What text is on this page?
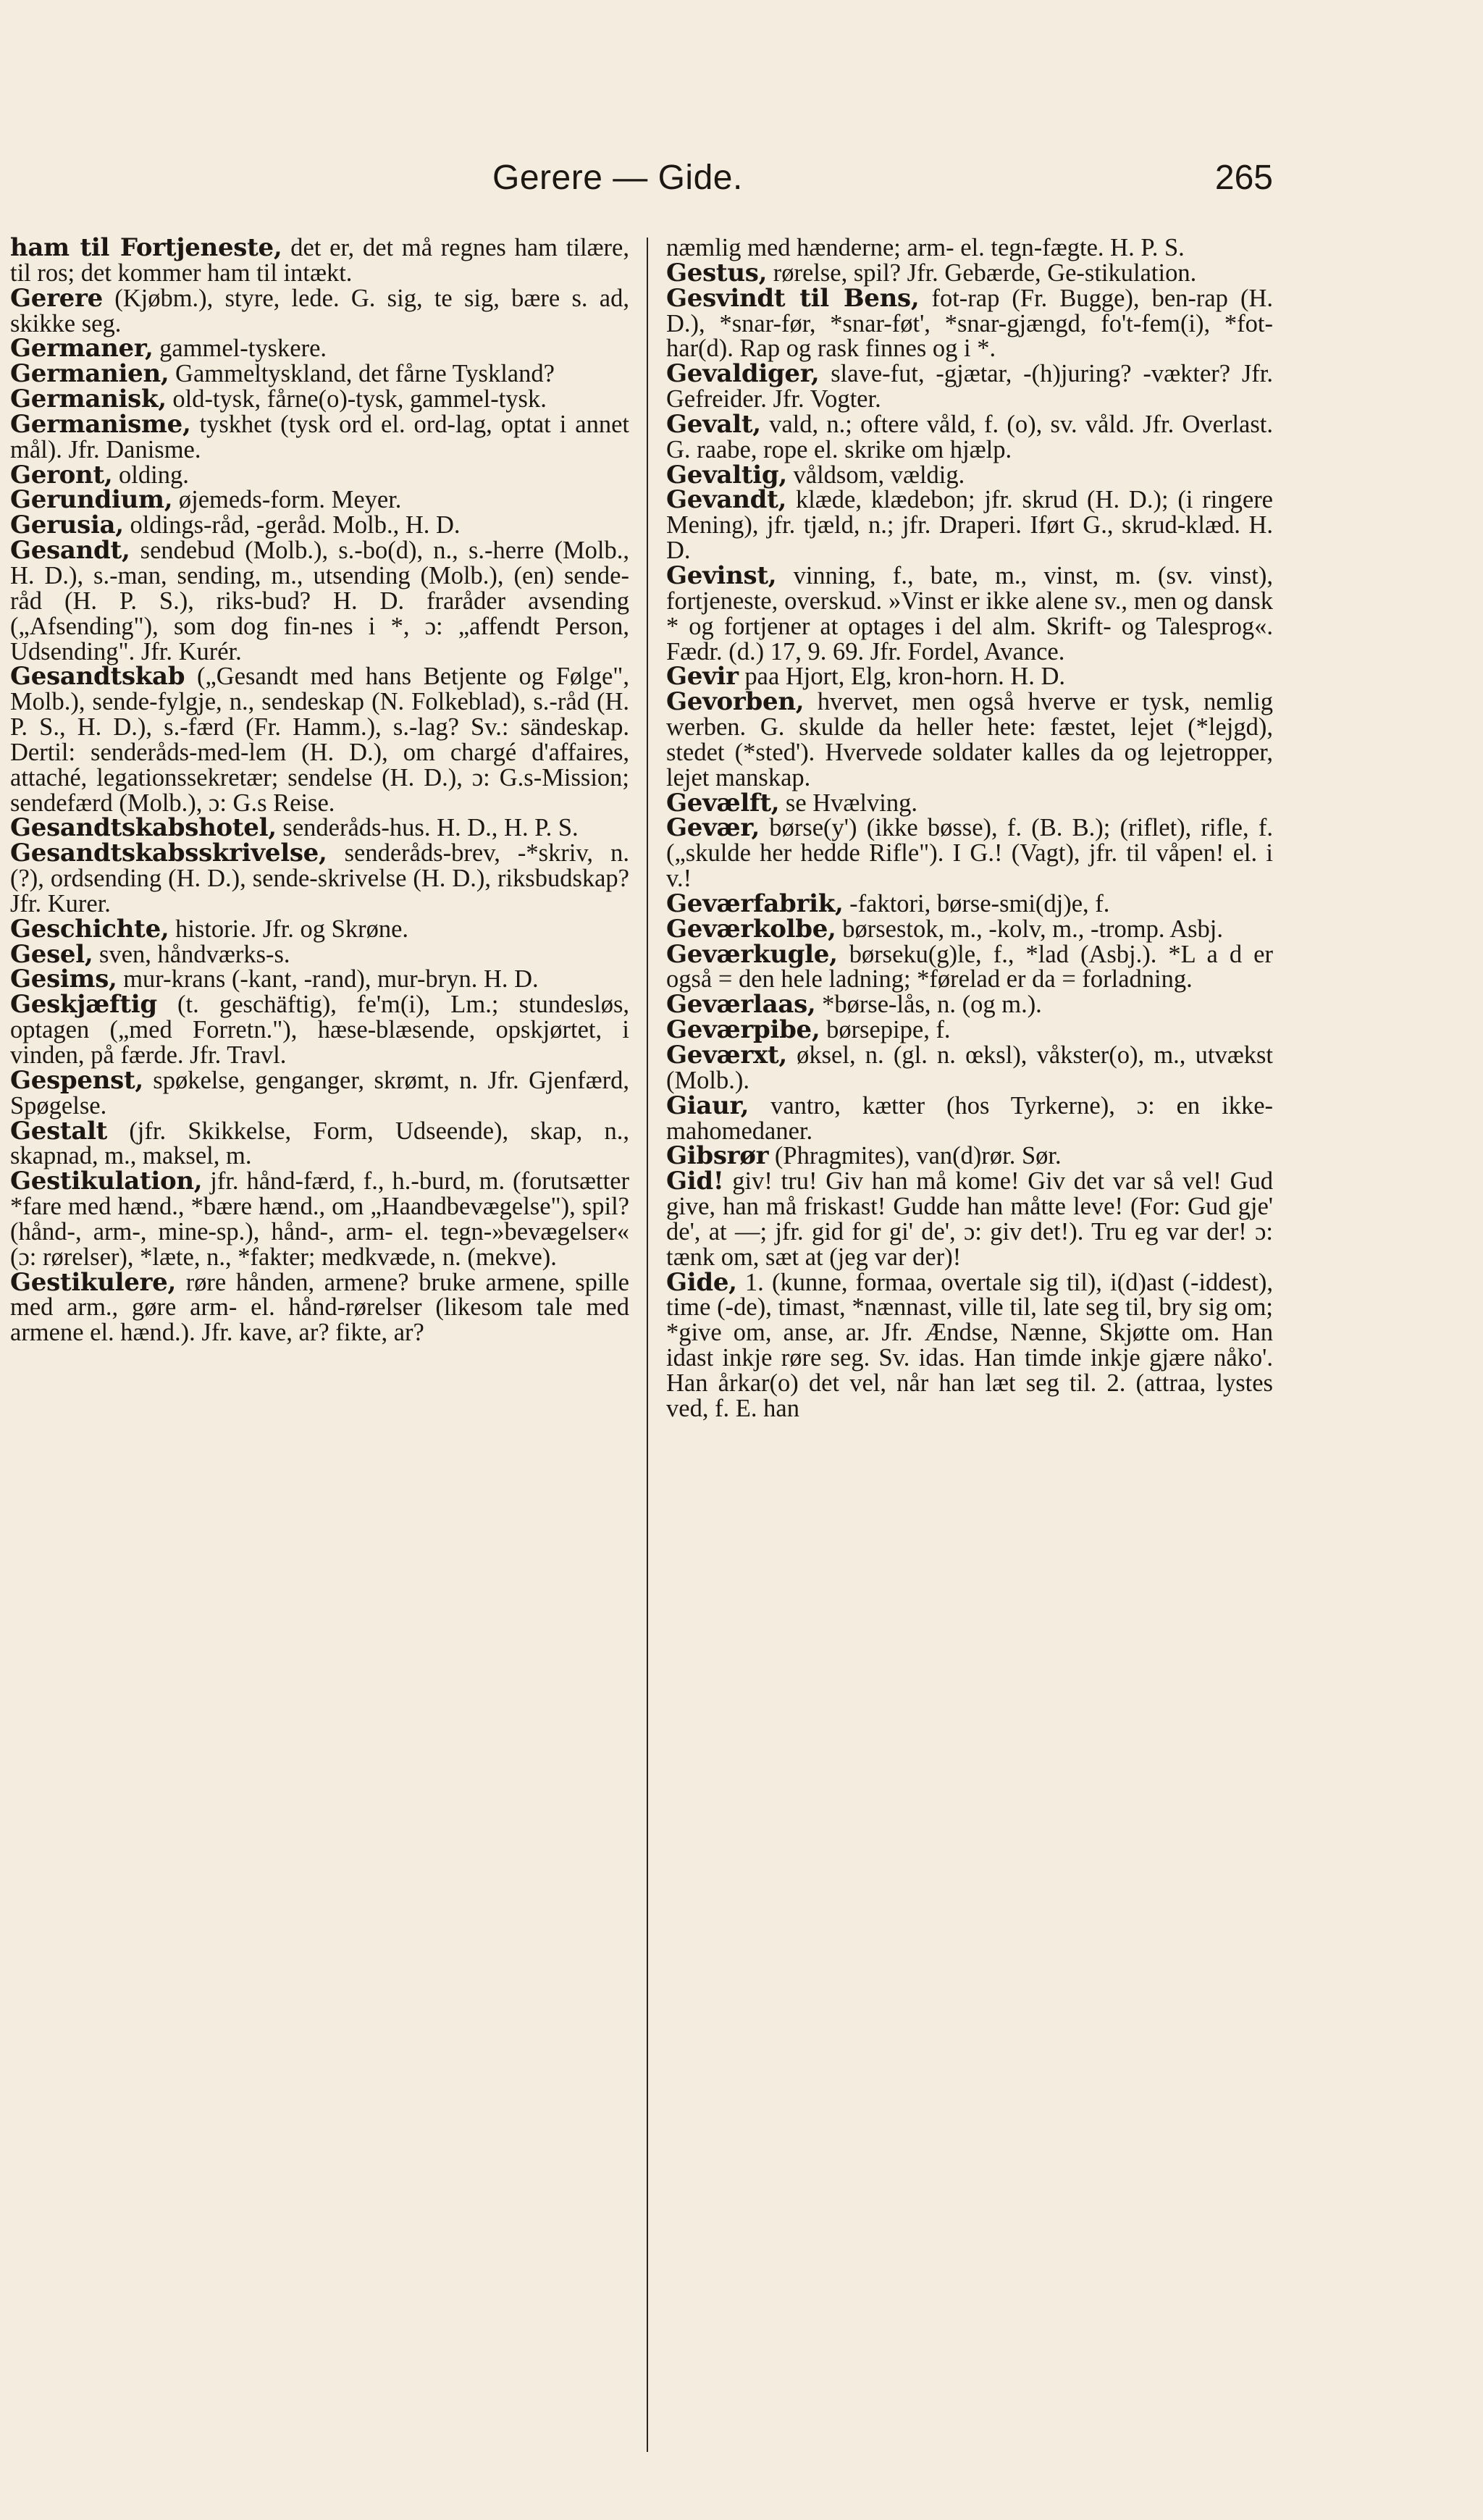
Gerere — Gide.	265

ham til Fortjeneste, det er, det må regnes ham tilære, til ros; det kommer ham til intækt.

Gerere (Kjøbm.), styre, lede. G. sig, te sig, bære s. ad, skikke seg.

Germaner, gammel-tyskere.

Germanien, Gammeltyskland, det fårne Tyskland?

Germanisk, old-tysk, fårne(o)-tysk, gammel-tysk.

Germanisme, tyskhet (tysk ord el. ord-lag, optat i annet mål). Jfr. Danisme.

Geront, olding.

Gerundium, øjemeds-form. Meyer.

Gerusia, oldings-råd, -geråd. Molb., H. D.

Gesandt, sendebud (Molb.), s.-bo(d), n., s.-herre (Molb., H. D.), s.-man, sending, m., utsending (Molb.), (en) sende-råd (H. P. S.), riks-bud? H. D. fraråder avsending („Afsending"), som dog fin-nes i *, ɔ: „affendt Person, Udsending". Jfr. Kurér.

Gesandtskab („Gesandt med hans Betjente og Følge", Molb.), sende-fylgje, n., sendeskap (N. Folkeblad), s.-råd (H. P. S., H. D.), s.-færd (Fr. Hamm.), s.-lag? Sv.: sändeskap. Dertil: senderåds-med-lem (H. D.), om chargé d'affaires, attaché, legationssekretær; sendelse (H. D.), ɔ: G.s-Mission; sendefærd (Molb.), ɔ: G.s Reise.

Gesandtskabshotel, senderåds-hus. H. D., H. P. S.

Gesandtskabsskrivelse, senderåds-brev, -*skriv, n. (?), ordsending (H. D.), sende-skrivelse (H. D.), riksbudskap? Jfr. Kurer.

Geschichte, historie. Jfr. og Skrøne.

Gesel, sven, håndværks-s.

Gesims, mur-krans (-kant, -rand), mur-bryn. H. D.

Geskjæftig (t. geschäftig), fe'm(i), Lm.; stundesløs, optagen („med Forretn."), hæse-blæsende, opskjørtet, i vinden, på færde. Jfr. Travl.

Gespenst, spøkelse, genganger, skrømt, n. Jfr. Gjenfærd, Spøgelse.

Gestalt (jfr. Skikkelse, Form, Udseende), skap, n., skapnad, m., maksel, m.

Gestikulation, jfr. hånd-færd, f., h.-burd, m. (forutsætter *fare med hænd., *bære hænd., om „Haandbevægelse"), spil? (hånd-, arm-, mine-sp.), hånd-, arm- el. tegn-»bevægelser« (ɔ: rørelser), *læte, n., *fakter; medkvæde, n. (mekve).

Gestikulere, røre hånden, armene? bruke armene, spille med arm., gøre arm- el. hånd-rørelser (likesom tale med armene el. hænd.). Jfr. kave, ar? fikte, ar?

næmlig med hænderne; arm- el. tegn-fægte. H. P. S.

Gestus, rørelse, spil? Jfr. Gebærde, Ge-stikulation.

Gesvindt til Bens, fot-rap (Fr. Bugge), ben-rap (H. D.), *snar-før, *snar-føt', *snar-gjængd, fo't-fem(i), *fot-har(d). Rap og rask finnes og i *.

Gevaldiger, slave-fut, -gjætar, -(h)juring? -vækter? Jfr. Gefreider. Jfr. Vogter.

Gevalt, vald, n.; oftere våld, f. (o), sv. våld. Jfr. Overlast. G. raabe, rope el. skrike om hjælp.

Gevaltig, våldsom, vældig.

Gevandt, klæde, klædebon; jfr. skrud (H. D.); (i ringere Mening), jfr. tjæld, n.; jfr. Draperi. Iført G., skrud-klæd. H. D.

Gevinst, vinning, f., bate, m., vinst, m. (sv. vinst), fortjeneste, overskud. »Vinst er ikke alene sv., men og dansk * og fortjener at optages i del alm. Skrift- og Talesprog«. Fædr. (d.) 17, 9. 69. Jfr. Fordel, Avance.

Gevir paa Hjort, Elg, kron-horn. H. D.

Gevorben, hvervet, men også hverve er tysk, nemlig werben. G. skulde da heller hete: fæstet, lejet (*lejgd), stedet (*sted'). Hvervede soldater kalles da og lejetropper, lejet manskap.

Gevælft, se Hvælving.

Gevær, børse(y') (ikke bøsse), f. (B. B.); (riflet), rifle, f. („skulde her hedde Rifle"). I G.! (Vagt), jfr. til våpen! el. i v.!

Geværfabrik, -faktori, børse-smi(dj)e, f.

Geværkolbe, børsestok, m., -kolv, m., -tromp. Asbj.

Geværkugle, børseku(g)le, f., *lad (Asbj.). *L a d er også = den hele ladning; *førelad er da = forladning.

Geværlaas, *børse-lås, n. (og m.).

Geværpibe, børsepipe, f.

Geværxt, øksel, n. (gl. n. œksl), våkster(o), m., utvækst (Molb.).

Giaur, vantro, kætter (hos Tyrkerne), ɔ: en ikke-mahomedaner.

Gibsrør (Phragmites), van(d)rør. Sør.

Gid! giv! tru! Giv han må kome! Giv det var så vel! Gud give, han må friskast! Gudde han måtte leve! (For: Gud gje' de', at —; jfr. gid for gi' de', ɔ: giv det!). Tru eg var der! ɔ: tænk om, sæt at (jeg var der)!

Gide, 1. (kunne, formaa, overtale sig til), i(d)ast (-iddest), time (-de), timast, *nænnast, ville til, late seg til, bry sig om; *give om, anse, ar. Jfr. Ændse, Nænne, Skjøtte om. Han idast inkje røre seg. Sv. idas. Han timde inkje gjære nåko'. Han årkar(o) det vel, når han læt seg til. 2. (attraa, lystes ved, f. E. han
